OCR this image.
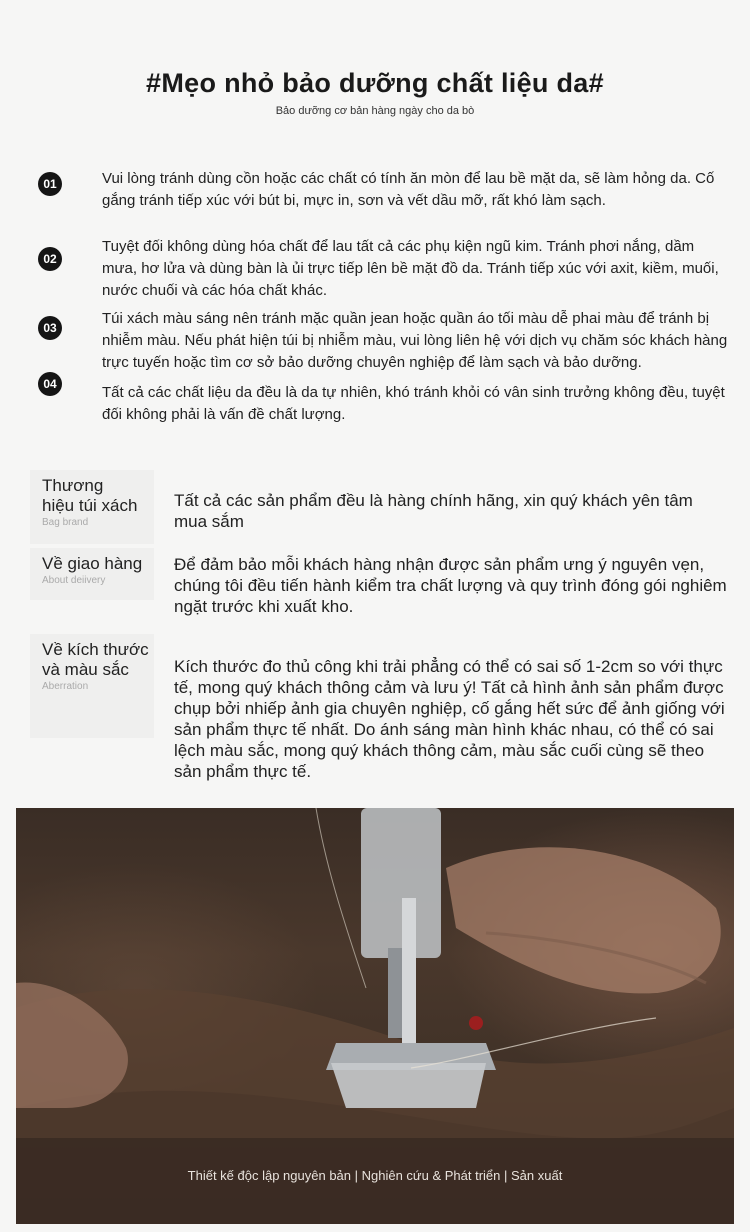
#Mẹo nhỏ bảo dưỡng chất liệu da#
Bảo dưỡng cơ bản hàng ngày cho da bò
01	Vui lòng tránh dùng cồn hoặc các chất có tính ăn mòn để lau bề mặt da, sẽ làm hỏng da. Cố gắng tránh tiếp xúc với bút bi, mực in, sơn và vết dầu mỡ, rất khó làm sạch.
02
Tuyệt đối không dùng hóa chất để lau tất cả các phụ kiện ngũ kim. Tránh phơi nắng, dầm mưa, hơ lửa và dùng bàn là ủi trực tiếp lên bề mặt đồ da. Tránh tiếp xúc với axit, kiềm, muối, nước chuối và các hóa chất khác.
03
Túi xách màu sáng nên tránh mặc quần jean hoặc quần áo tối màu dễ phai màu để tránh bị nhiễm màu. Nếu phát hiện túi bị nhiễm màu, vui lòng liên hệ với dịch vụ chăm sóc khách hàng trực tuyến hoặc tìm cơ sở bảo dưỡng chuyên nghiệp để làm sạch và bảo dưỡng.
04	Tất cả các chất liệu da đều là da tự nhiên, khó tránh khỏi có vân sinh trưởng không đều, tuyệt đối không phải là vấn đề chất lượng.
Thương hiệu túi xách
Bag brand
Tất cả các sản phẩm đều là hàng chính hãng, xin quý khách yên tâm mua sắm
Về giao hàng
About deiivery
Để đảm bảo mỗi khách hàng nhận được sản phẩm ưng ý nguyên vẹn, chúng tôi đều tiến hành kiểm tra chất lượng và quy trình đóng gói nghiêm ngặt trước khi xuất kho.
Về kích thước và màu sắc
Aberration
Kích thước đo thủ công khi trải phẳng có thể có sai số 1-2cm so với thực tế, mong quý khách thông cảm và lưu ý! Tất cả hình ảnh sản phẩm được chụp bởi nhiếp ảnh gia chuyên nghiệp, cố gắng hết sức để ảnh giống với sản phẩm thực tế nhất. Do ánh sáng màn hình khác nhau, có thể có sai lệch màu sắc, mong quý khách thông cảm, màu sắc cuối cùng sẽ theo sản phẩm thực tế.
Thiết kế độc lập nguyên bản | Nghiên cứu & Phát triển | Sản xuất
